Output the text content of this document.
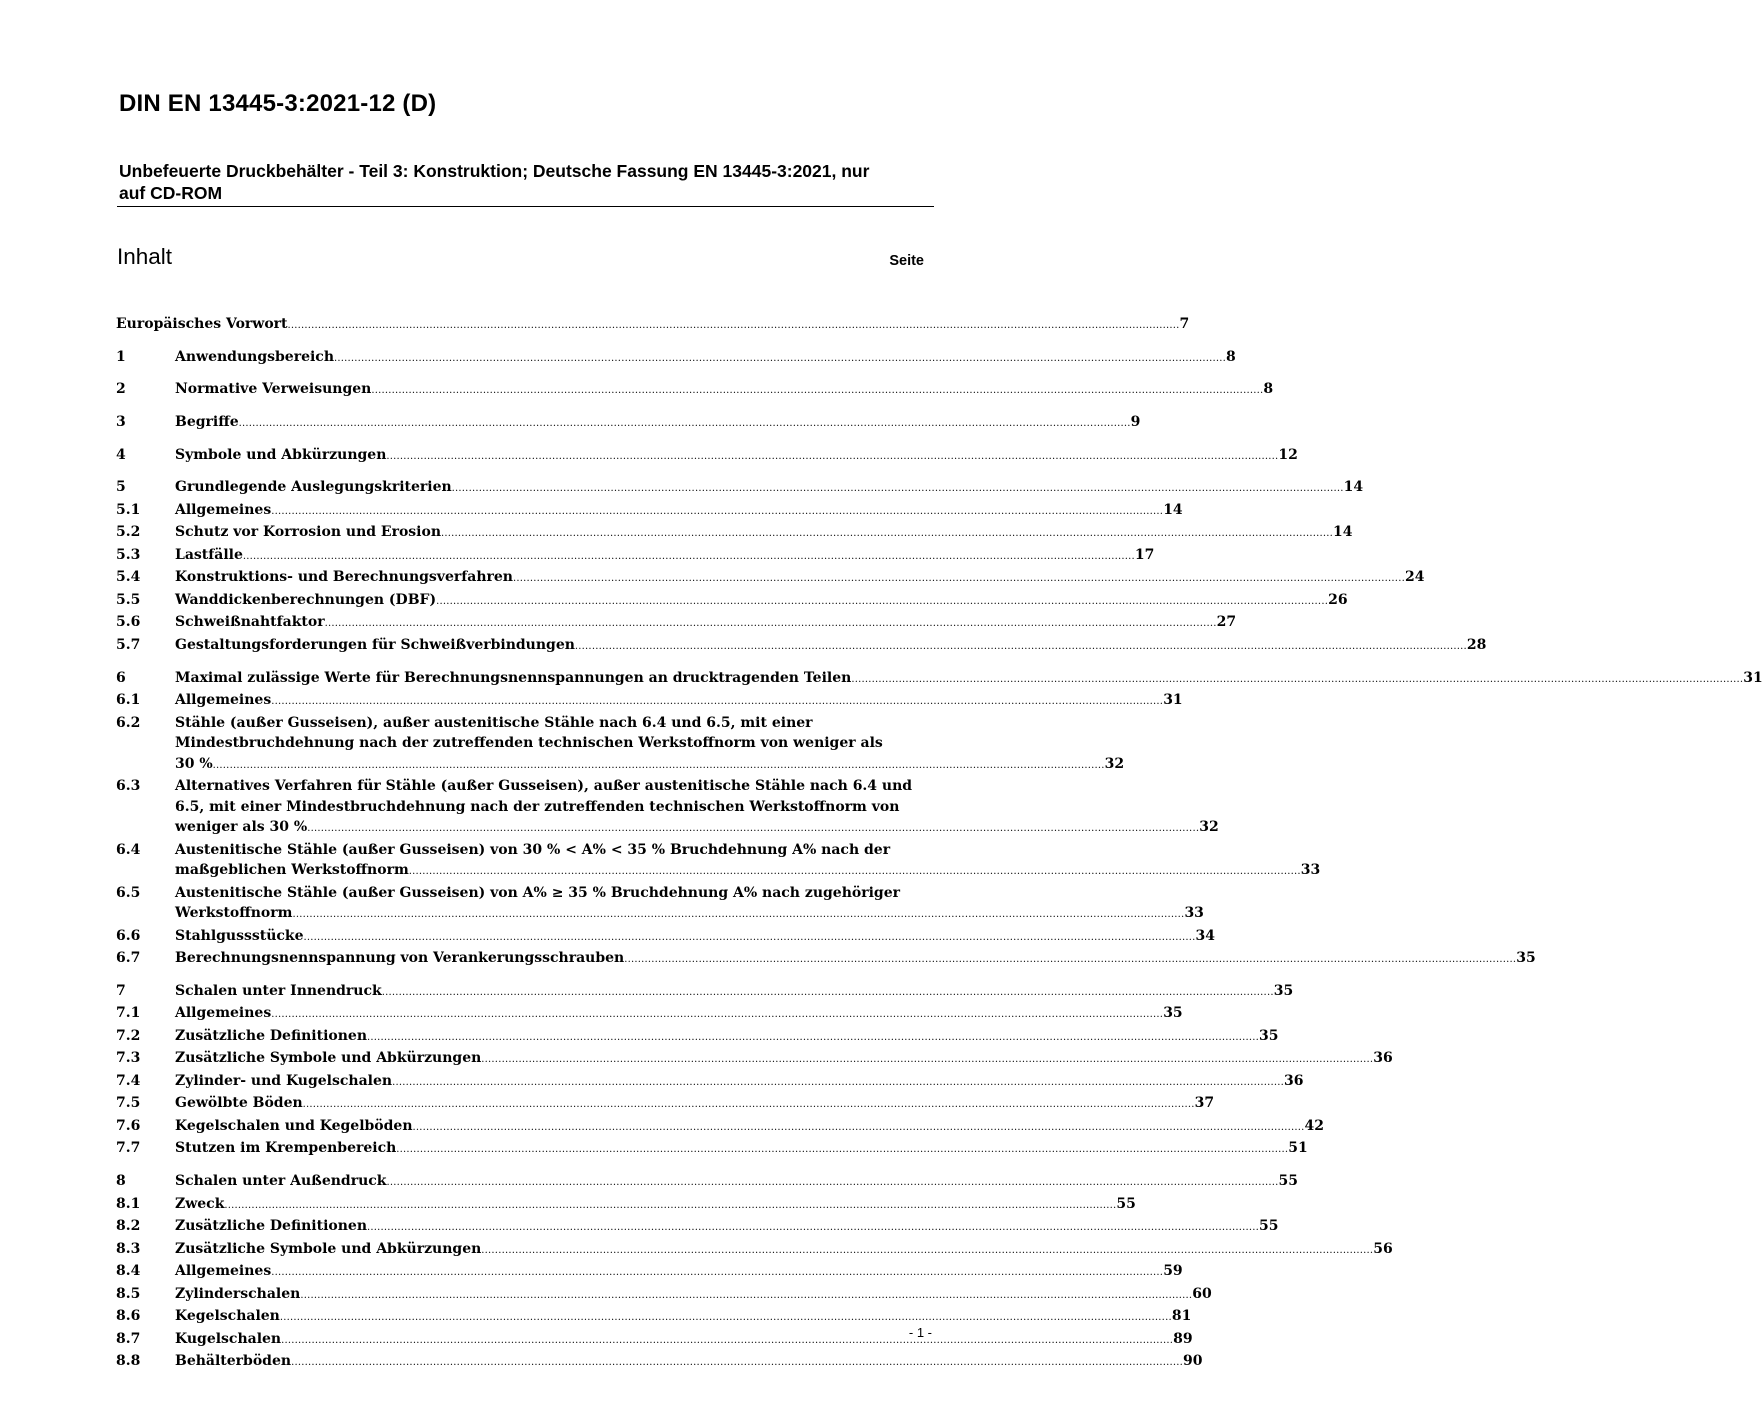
DIN EN 13445-3:2021-12 (D)
Unbefeuerte Druckbehälter - Teil 3: Konstruktion; Deutsche Fassung EN 13445-3:2021, nur auf CD-ROM
Inhalt	Seite
Europäisches Vorwort .....	7
1	Anwendungsbereich .....	8
2	Normative Verweisungen .....	8
3	Begriffe .....	9
4	Symbole und Abkürzungen .....	12
5	Grundlegende Auslegungskriterien .....	14
5.1	Allgemeines .....	14
5.2	Schutz vor Korrosion und Erosion .....	14
5.3	Lastfälle .....	17
5.4	Konstruktions- und Berechnungsverfahren .....	24
5.5	Wanddickenberechnungen (DBF) .....	26
5.6	Schweißnahtfaktor .....	27
5.7	Gestaltungsforderungen für Schweißverbindungen .....	28
6	Maximal zulässige Werte für Berechnungsnennspannungen an drucktragenden Teilen .....	31
6.1	Allgemeines .....	31
6.2	Stähle (außer Gusseisen), außer austenitische Stähle nach 6.4 und 6.5, mit einer
Mindestbruchdehnung nach der zutreffenden technischen Werkstoffnorm von weniger als
30 % .....	32
6.3	Alternatives Verfahren für Stähle (außer Gusseisen), außer austenitische Stähle nach 6.4 und
6.5, mit einer Mindestbruchdehnung nach der zutreffenden technischen Werkstoffnorm von
weniger als 30 % .....	32
6.4	Austenitische Stähle (außer Gusseisen) von 30 % < A% < 35 % Bruchdehnung A% nach der
maßgeblichen Werkstoffnorm .....	33
6.5	Austenitische Stähle (außer Gusseisen) von A% ≥ 35 % Bruchdehnung A% nach zugehöriger
Werkstoffnorm .....	33
6.6	Stahlgussstücke .....	34
6.7	Berechnungsnennspannung von Verankerungsschrauben .....	35
7	Schalen unter Innendruck .....	35
7.1	Allgemeines .....	35
7.2	Zusätzliche Definitionen .....	35
7.3	Zusätzliche Symbole und Abkürzungen .....	36
7.4	Zylinder- und Kugelschalen .....	36
7.5	Gewölbte Böden .....	37
7.6	Kegelschalen und Kegelböden .....	42
7.7	Stutzen im Krempenbereich .....	51
8	Schalen unter Außendruck .....	55
8.1	Zweck .....	55
8.2	Zusätzliche Definitionen .....	55
8.3	Zusätzliche Symbole und Abkürzungen .....	56
8.4	Allgemeines .....	59
8.5	Zylinderschalen .....	60
8.6	Kegelschalen .....	81
8.7	Kugelschalen .....	89
8.8	Behälterböden .....	90
- 1 -
